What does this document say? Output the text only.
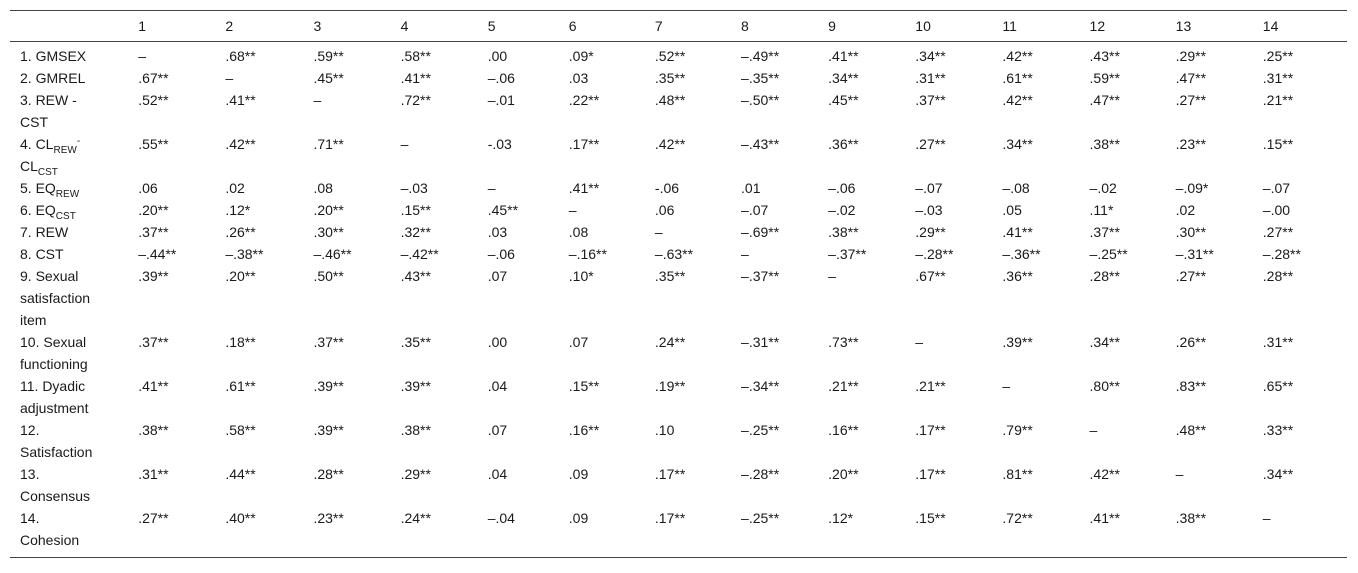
	1	2	3	4	5	6	7	8	9	10	11	12	13	14
1. GMSEX	–	.68**	.59**	.58**	.00	.09*	.52**	–.49**	.41**	.34**	.42**	.43**	.29**	.25**
2. GMREL	.67**	–	.45**	.41**	–.06	.03	.35**	–.35**	.34**	.31**	.61**	.59**	.47**	.31**
3. REW -
CST	.52**	.41**	–	.72**	–.01	.22**	.48**	–.50**	.45**	.37**	.42**	.47**	.27**	.21**
4. $CL_{REW}^-$
$CL_{CST}$	.55**	.42**	.71**	–	-.03	.17**	.42**	–.43**	.36**	.27**	.34**	.38**	.23**	.15**
5. $EQ_{REW}$	.06	.02	.08	–.03	–	.41**	-.06	.01	–.06	–.07	–.08	–.02	–.09*	–.07
6. $EQ_{CST}$	.20**	.12*	.20**	.15**	.45**	–	.06	–.07	–.02	–.03	.05	.11*	.02	–.00
7. REW	.37**	.26**	.30**	.32**	.03	.08	–	–.69**	.38**	.29**	.41**	.37**	.30**	.27**
8. CST	–.44**	–.38**	–.46**	–.42**	–.06	–.16**	–.63**	–	–.37**	–.28**	–.36**	–.25**	–.31**	–.28**
9. Sexual
satisfaction
item	.39**	.20**	.50**	.43**	.07	.10*	.35**	–.37**	–	.67**	.36**	.28**	.27**	.28**
10. Sexual
functioning	.37**	.18**	.37**	.35**	.00	.07	.24**	–.31**	.73**	–	.39**	.34**	.26**	.31**
11. Dyadic
adjustment	.41**	.61**	.39**	.39**	.04	.15**	.19**	–.34**	.21**	.21**	–	.80**	.83**	.65**
12.
Satisfaction	.38**	.58**	.39**	.38**	.07	.16**	.10	–.25**	.16**	.17**	.79**	–	.48**	.33**
13.
Consensus	.31**	.44**	.28**	.29**	.04	.09	.17**	–.28**	.20**	.17**	.81**	.42**	–	.34**
14.
Cohesion	.27**	.40**	.23**	.24**	–.04	.09	.17**	–.25**	.12*	.15**	.72**	.41**	.38**	–
